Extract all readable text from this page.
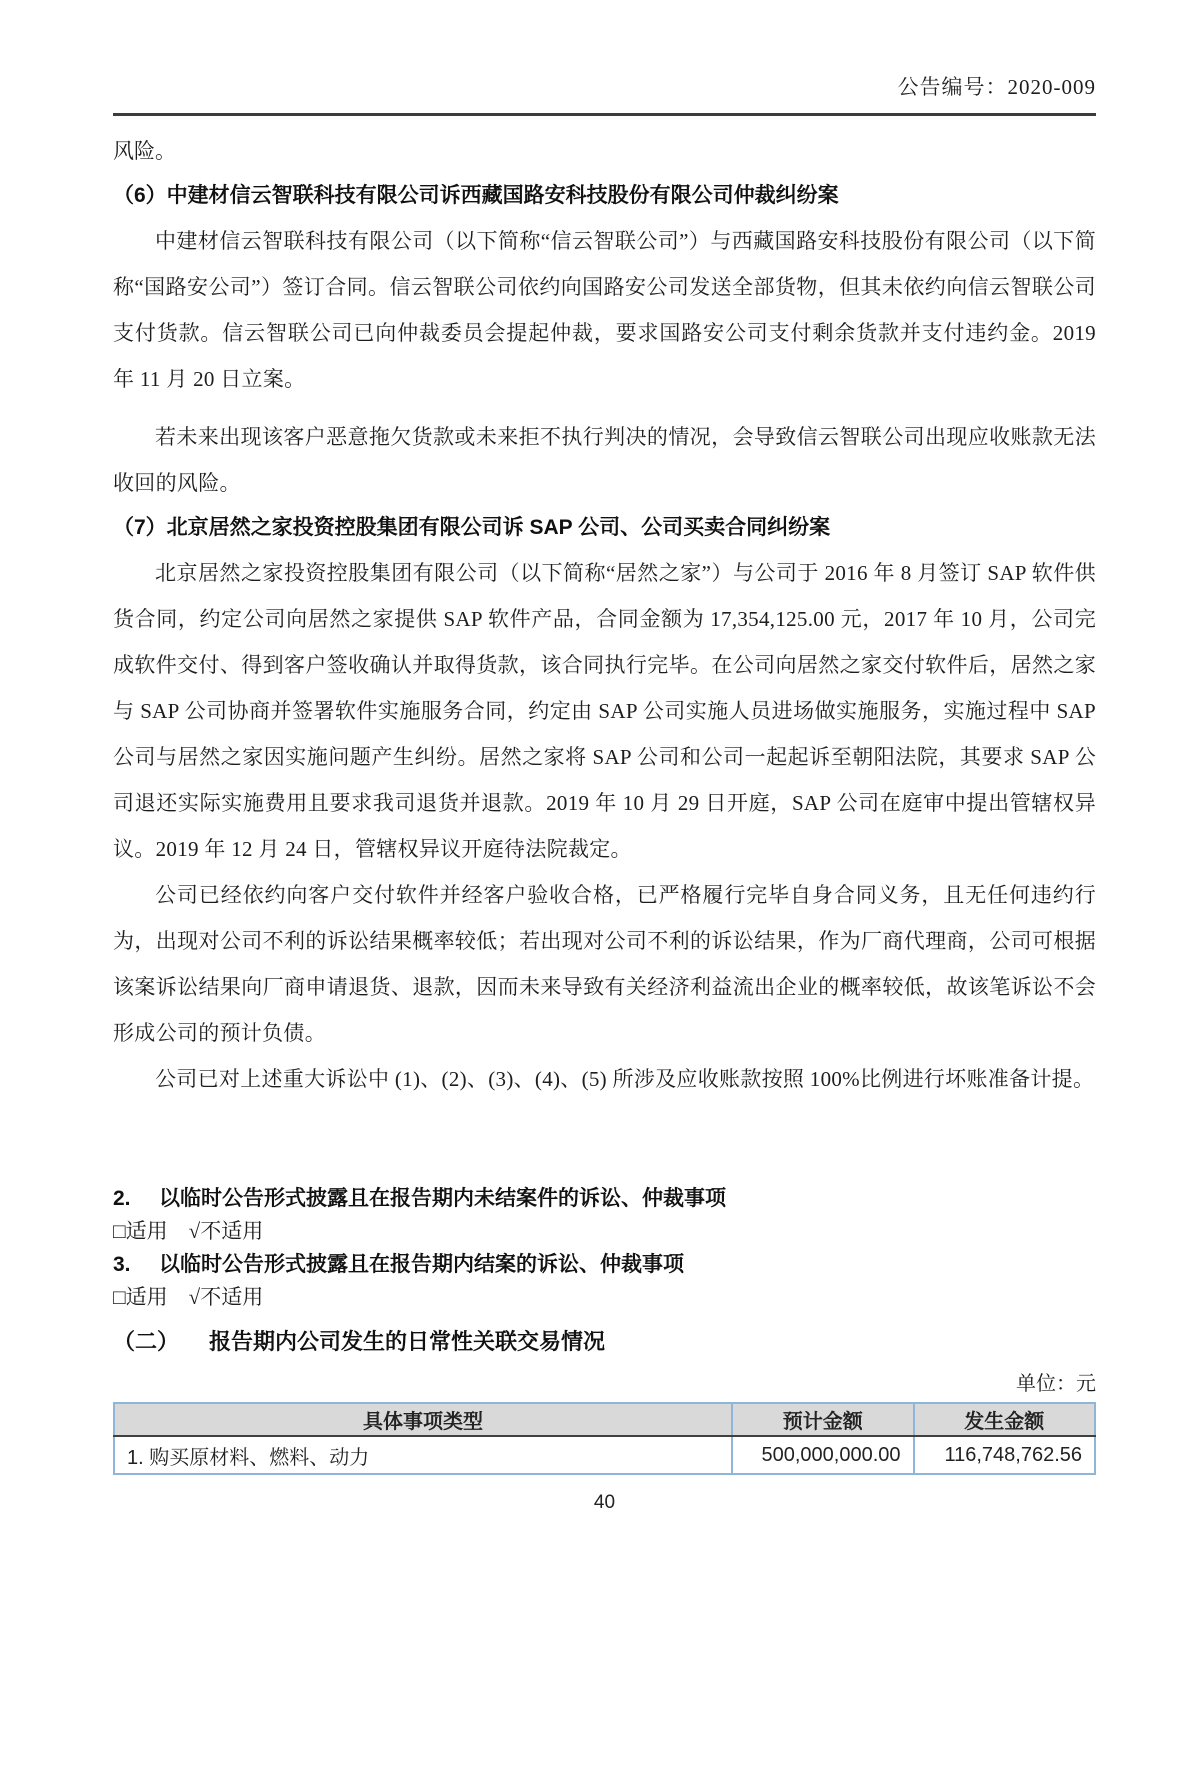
公告编号：2020-009
风险。
（6）中建材信云智联科技有限公司诉西藏国路安科技股份有限公司仲裁纠纷案

中建材信云智联科技有限公司（以下简称“信云智联公司”）与西藏国路安科技股份有限公司（以下简称“国路安公司”）签订合同。信云智联公司依约向国路安公司发送全部货物，但其未依约向信云智联公司支付货款。信云智联公司已向仲裁委员会提起仲裁，要求国路安公司支付剩余货款并支付违约金。2019 年 11 月 20 日立案。

若未来出现该客户恶意拖欠货款或未来拒不执行判决的情况，会导致信云智联公司出现应收账款无法收回的风险。

（7）北京居然之家投资控股集团有限公司诉 SAP 公司、公司买卖合同纠纷案

北京居然之家投资控股集团有限公司（以下简称“居然之家”）与公司于 2016 年 8 月签订 SAP 软件供货合同，约定公司向居然之家提供 SAP 软件产品，合同金额为 17,354,125.00 元，2017 年 10 月，公司完成软件交付、得到客户签收确认并取得货款，该合同执行完毕。在公司向居然之家交付软件后，居然之家与 SAP 公司协商并签署软件实施服务合同，约定由 SAP 公司实施人员进场做实施服务，实施过程中 SAP 公司与居然之家因实施问题产生纠纷。居然之家将 SAP 公司和公司一起起诉至朝阳法院，其要求 SAP 公司退还实际实施费用且要求我司退货并退款。2019 年 10 月 29 日开庭，SAP 公司在庭审中提出管辖权异议。2019 年 12 月 24 日，管辖权异议开庭待法院裁定。

公司已经依约向客户交付软件并经客户验收合格，已严格履行完毕自身合同义务，且无任何违约行为，出现对公司不利的诉讼结果概率较低；若出现对公司不利的诉讼结果，作为厂商代理商，公司可根据该案诉讼结果向厂商申请退货、退款，因而未来导致有关经济利益流出企业的概率较低，故该笔诉讼不会形成公司的预计负债。

公司已对上述重大诉讼中 (1)、(2)、(3)、(4)、(5) 所涉及应收账款按照 100%比例进行坏账准备计提。

2. 以临时公告形式披露且在报告期内未结案件的诉讼、仲裁事项
□适用　√不适用
3. 以临时公告形式披露且在报告期内结案的诉讼、仲裁事项
□适用　√不适用
（二） 报告期内公司发生的日常性关联交易情况
单位：元
具体事项类型	预计金额	发生金额
1. 购买原材料、燃料、动力	500,000,000.00	116,748,762.56
40
